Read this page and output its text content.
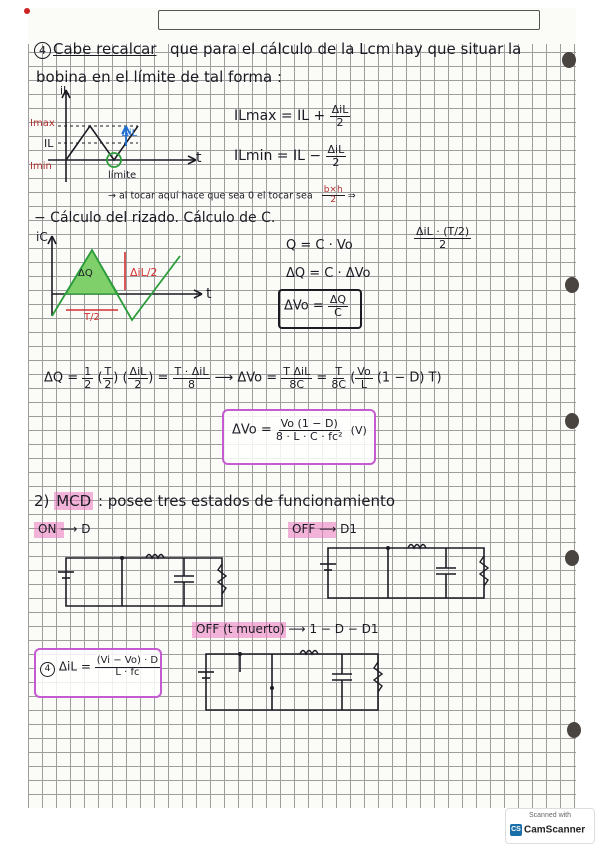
4 Cabe recalcar que para el cálculo de la Lcm hay que situar la
bobina en el límite de tal forma :
iL
Imax
IL
Imin
ΔiL
t
límite
ILmax = IL + $\frac{\text{ΔiL}}{2}$
ILmin = IL − $\frac{\text{ΔiL}}{2}$
→ al tocar aquí hace que sea 0 el tocar sea $\frac{b\times h}{2}$ ⇒
− Cálculo del rizado. Cálculo de C.
$\frac{\text{ΔiL · (T/2)}}{2}$
iC
ΔQ	ΔiL/2
t
T/2
Q = C · Vo
ΔQ = C · ΔVo
$\Delta Vo = \frac{\Delta Q}{C}$
$\Delta Q = \frac{1}{2}$ ( $\frac{T}{2}$ ) ( $\frac{\text{ΔiL}}{2}$ ) = $\frac{\text{T · ΔiL}}{8}$ ⟶ $\Delta Vo = \frac{\text{T ΔiL}}{8C} = \frac{T}{8C}$ ( $\frac{Vo}{L} (1 - D)$ T)
$\Delta Vo = \frac{Vo (1 - D)}{\text{8 · L · C · fc²}} (V)$
2) MCD : posee tres estados de funcionamiento
ON ⟶ D	OFF ⟶ D1
OFF (t muerto) ⟶ 1 − D − D1
4 $\Delta iL = \frac{(Vi - Vo) \cdot D}{L \cdot fc}$
Scanned with
CS CamScanner
